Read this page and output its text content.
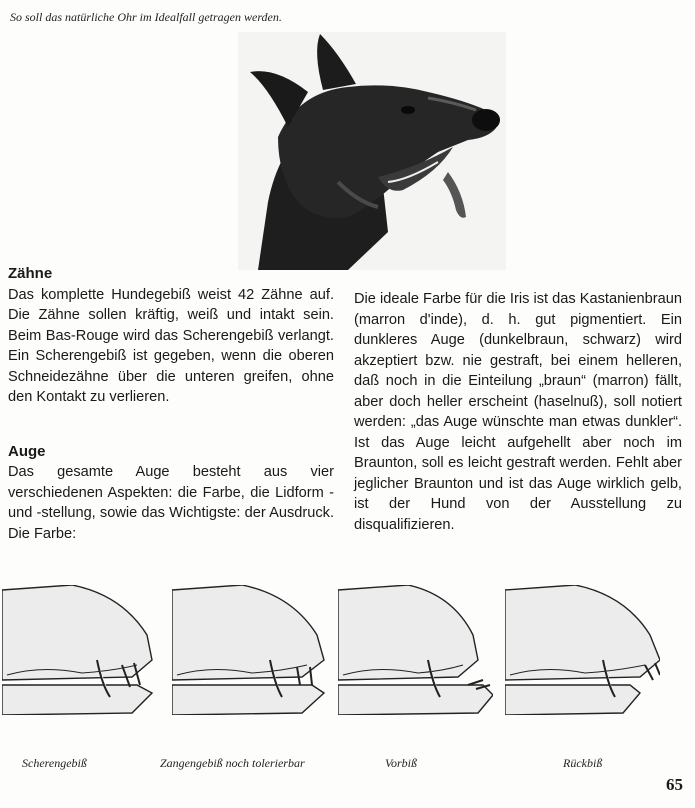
So soll das natürliche Ohr im Idealfall getragen werden.
Zähne

Das komplette Hundegebiß weist 42 Zähne auf. Die Zähne sollen kräftig, weiß und intakt sein. Beim Bas-Rouge wird das Scherengebiß verlangt. Ein Scherengebiß ist gegeben, wenn die oberen Schneidezähne über die unteren greifen, ohne den Kontakt zu verlieren.

Auge

Das gesamte Auge besteht aus vier verschiedenen Aspekten: die Farbe, die Lidform - und -stellung, sowie das Wichtigste: der Ausdruck. Die Farbe:

Die ideale Farbe für die Iris ist das Kastanienbraun (marron d'inde), d. h. gut pigmentiert. Ein dunkleres Auge (dunkelbraun, schwarz) wird akzeptiert bzw. nie gestraft, bei einem helleren, daß noch in die Einteilung „braun“ (marron) fällt, aber doch heller erscheint (haselnuß), soll notiert werden: „das Auge wünschte man etwas dunkler“. Ist das Auge leicht aufgehellt aber noch im Braunton, soll es leicht gestraft werden. Fehlt aber jeglicher Braunton und ist das Auge wirklich gelb, ist der Hund von der Ausstellung zu disqualifizieren.

Scherengebiß	Zangengebiß noch tolerierbar	Vorbiß	Rückbiß
65
